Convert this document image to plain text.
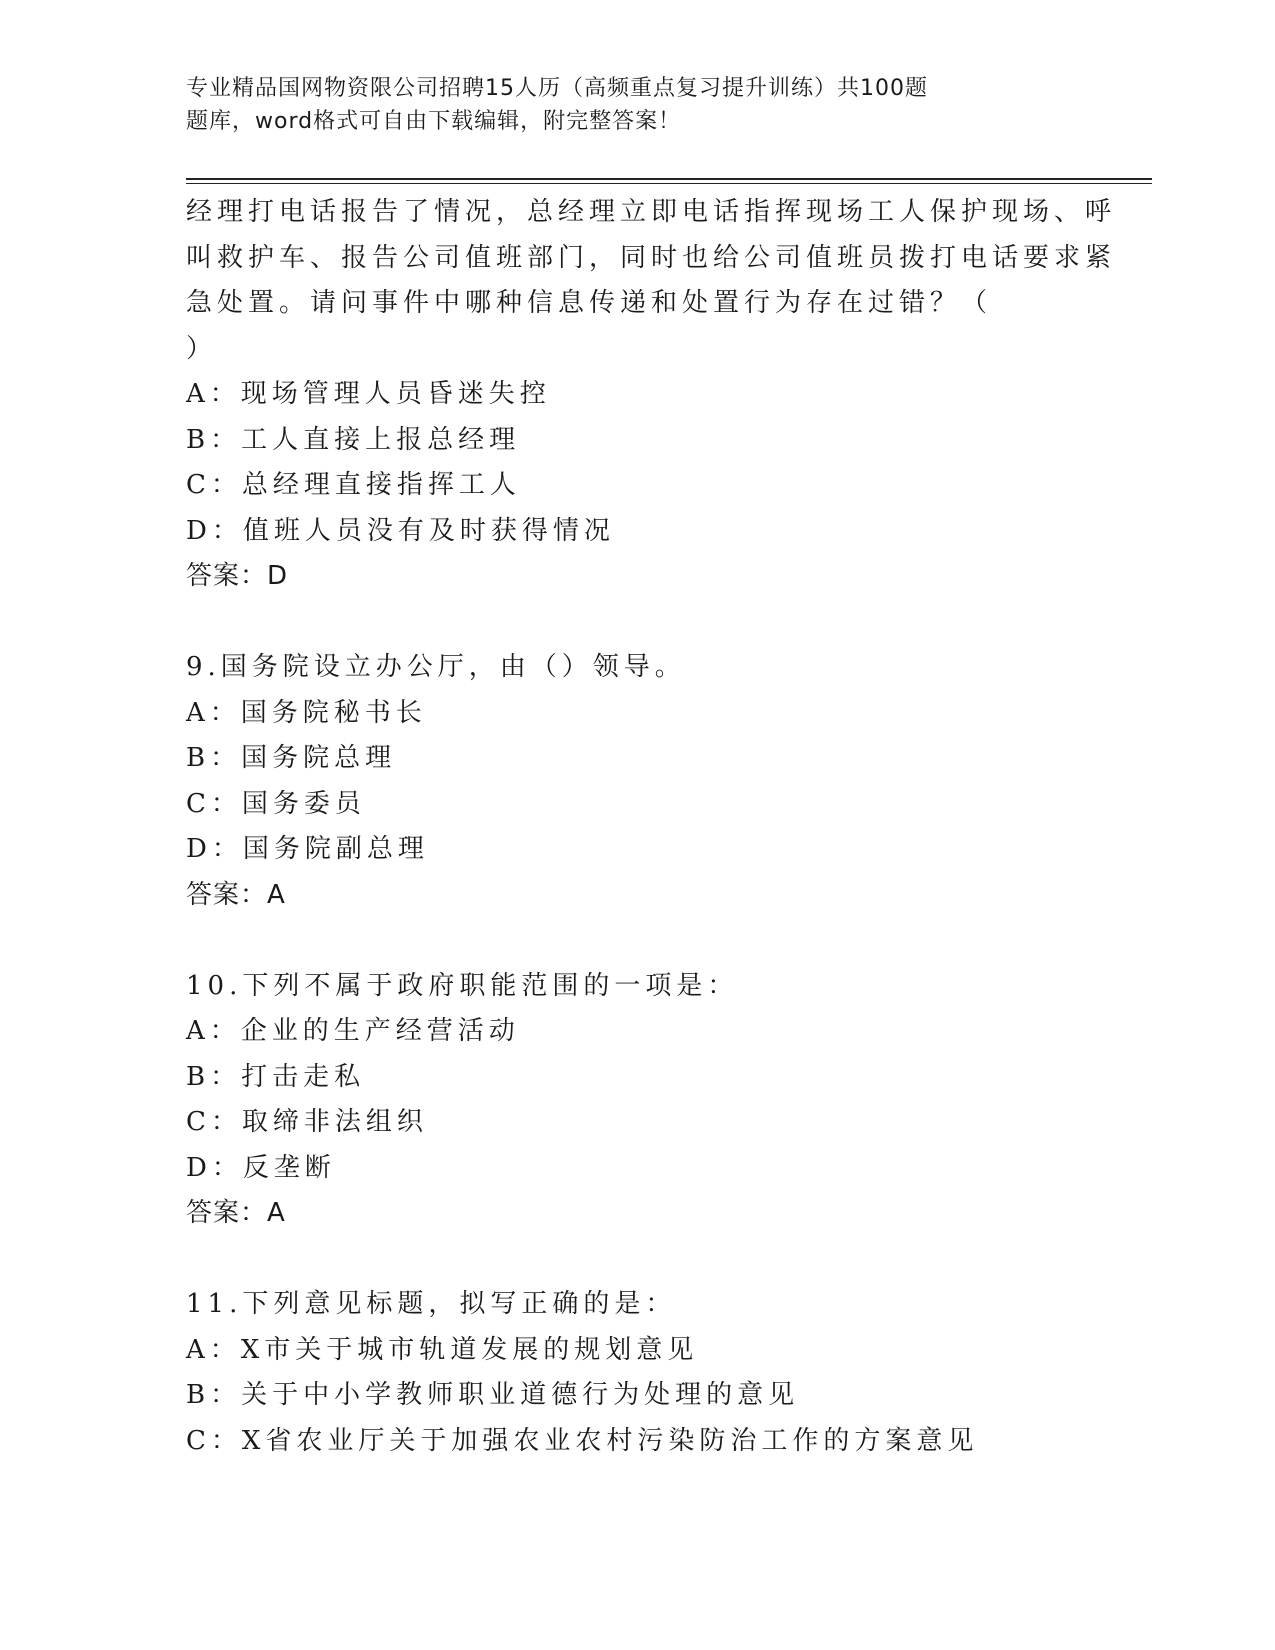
专业精品国网物资限公司招聘15人历（高频重点复习提升训练）共100题
题库，word格式可自由下载编辑，附完整答案！
经理打电话报告了情况，总经理立即电话指挥现场工人保护现场、呼
叫救护车、报告公司值班部门，同时也给公司值班员拨打电话要求紧
急处置。请问事件中哪种信息传递和处置行为存在过错？（
）
A：现场管理人员昏迷失控
B：工人直接上报总经理
C：总经理直接指挥工人
D：值班人员没有及时获得情况
答案：D
9.国务院设立办公厅，由（）领导。
A：国务院秘书长
B：国务院总理
C：国务委员
D：国务院副总理
答案：A
10.下列不属于政府职能范围的一项是：
A：企业的生产经营活动
B：打击走私
C：取缔非法组织
D：反垄断
答案：A
11.下列意见标题，拟写正确的是：
A：X市关于城市轨道发展的规划意见
B：关于中小学教师职业道德行为处理的意见
C：X省农业厅关于加强农业农村污染防治工作的方案意见
